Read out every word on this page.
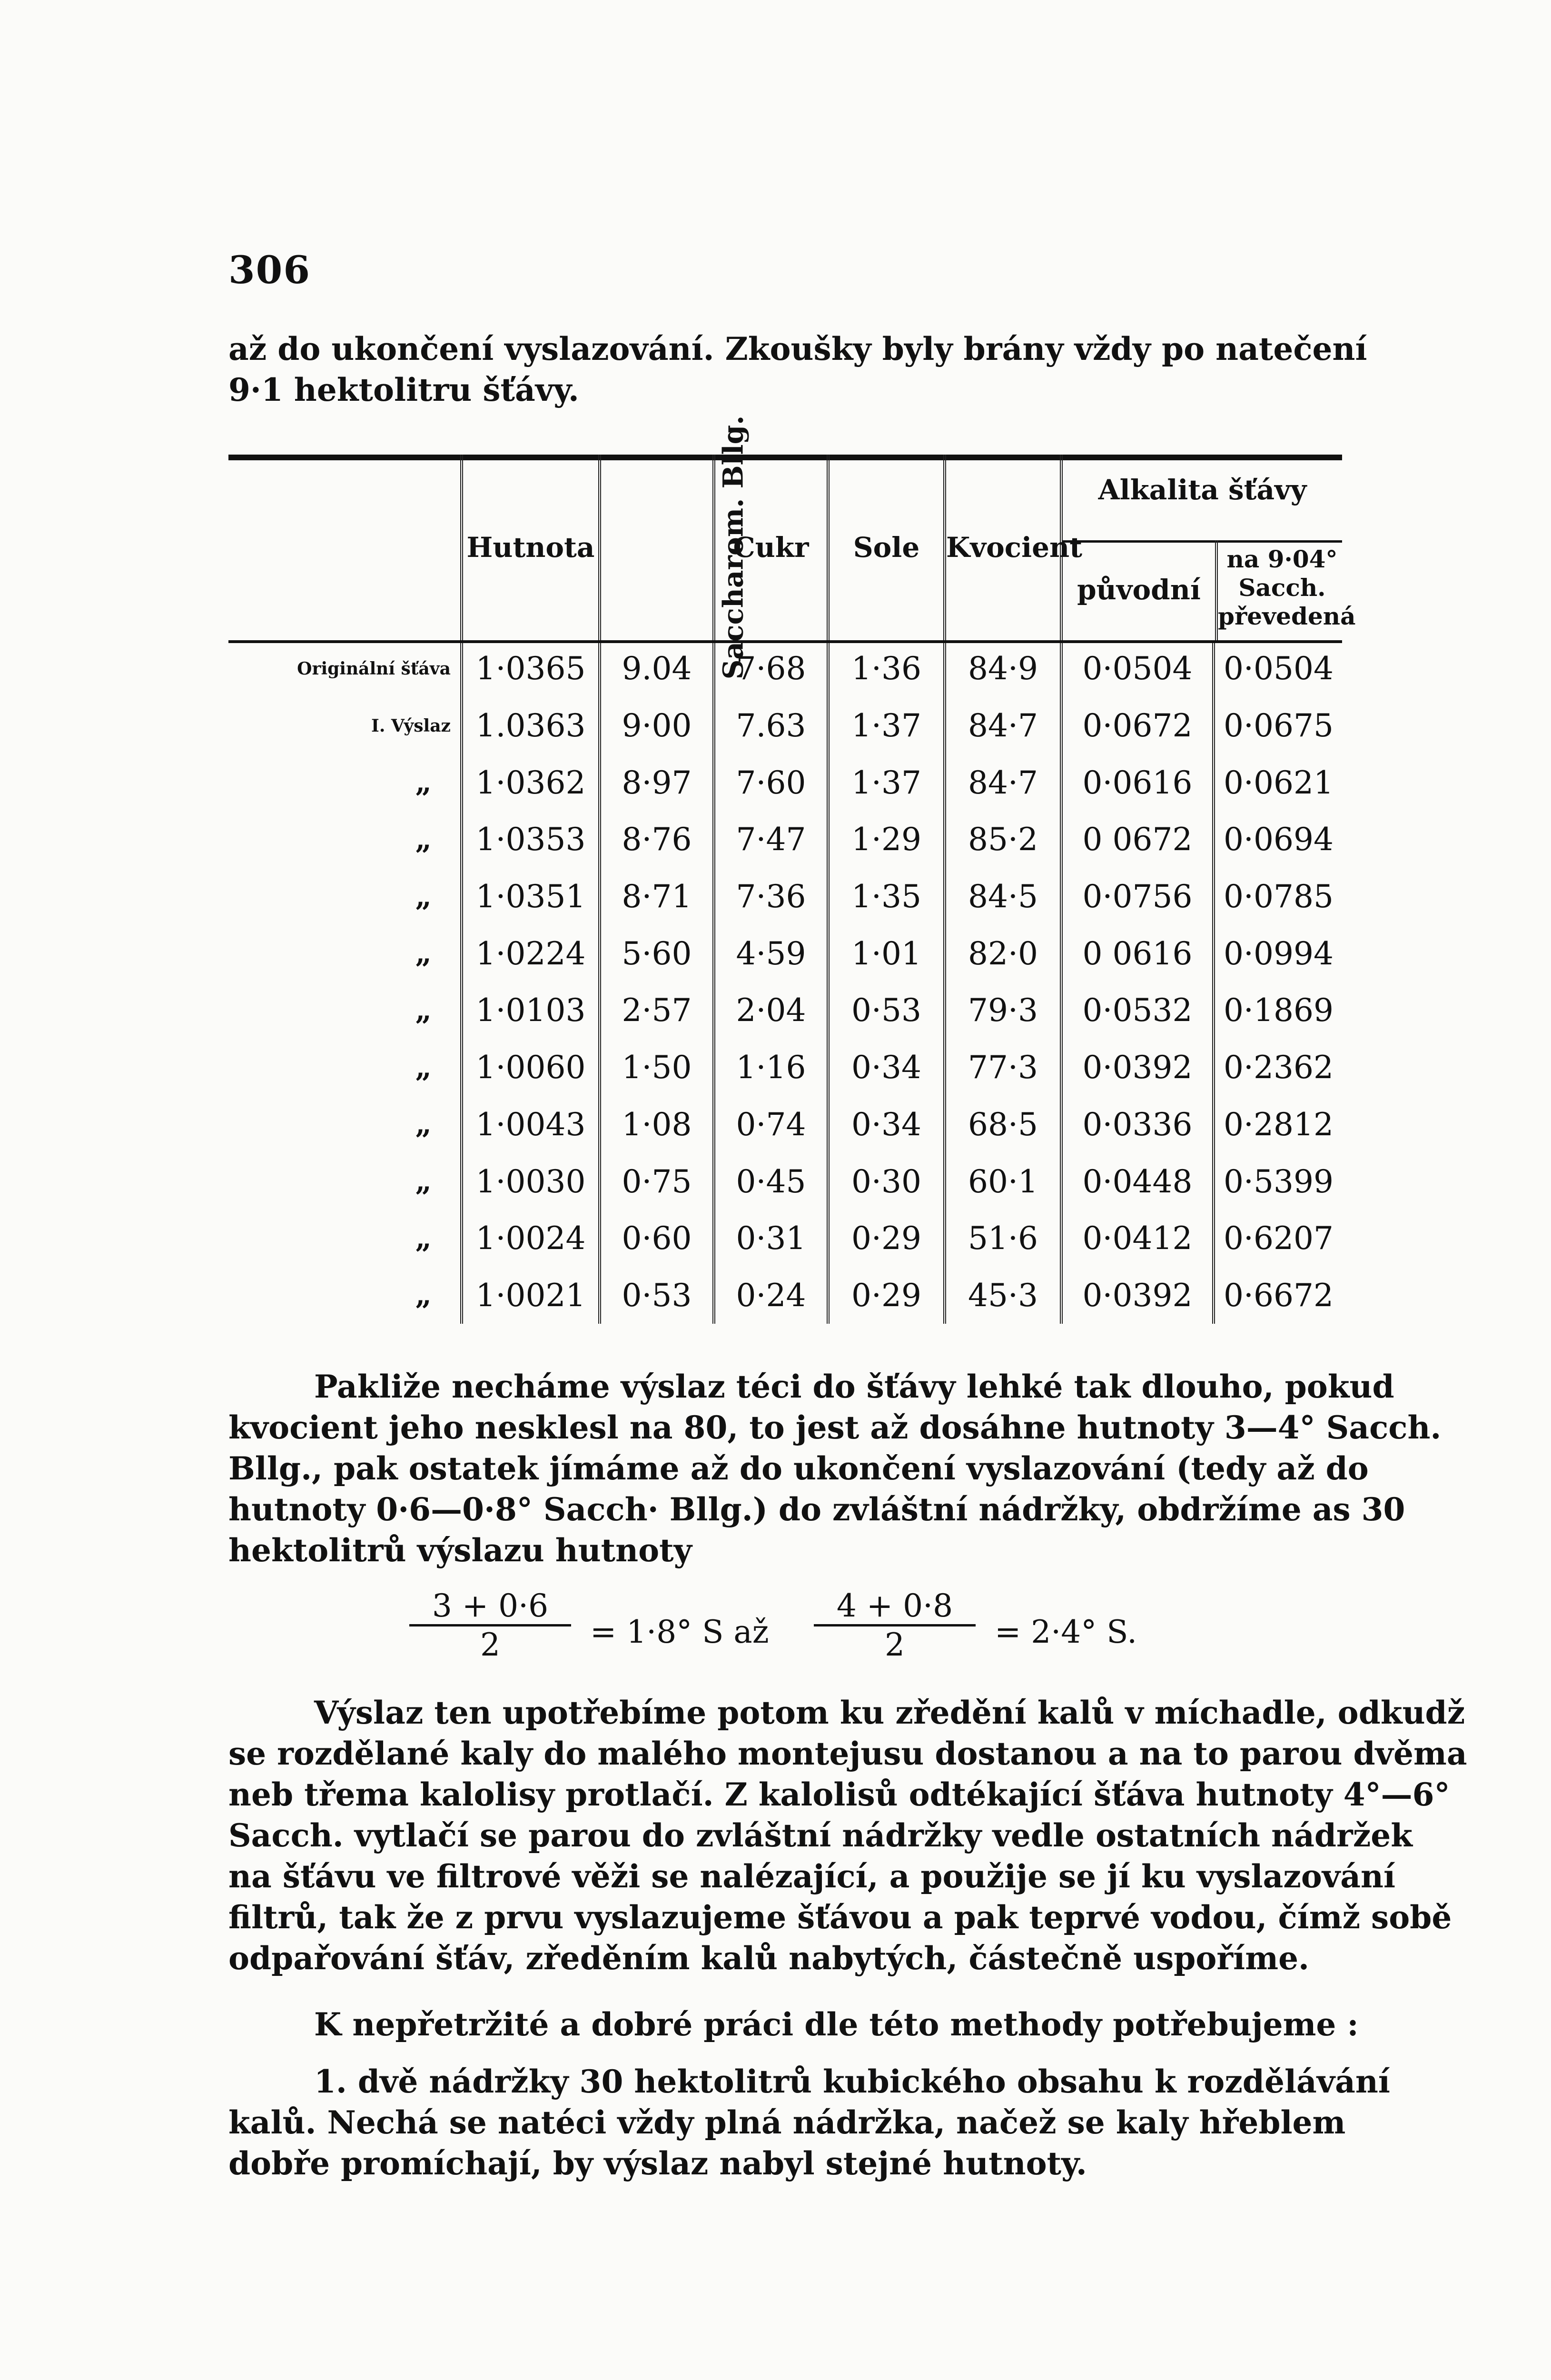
306
až do ukončení vyslazování. Zkoušky byly brány vždy po natečení
9·1 hektolitru šťávy.
	Hutnota	Saccharom. Bllg.	Cukr	Sole	Kvocient	Alkalita šťávy
původní
na 9·04° Sacch. převedená	

Originální šťáva	1·0365	9.04	7·68	1·36	84·9	0·0504	0·0504
I. Výslaz	1.0363	9·00	7.63	1·37	84·7	0·0672	0·0675
„	1·0362	8·97	7·60	1·37	84·7	0·0616	0·0621
„	1·0353	8·76	7·47	1·29	85·2	0 0672	0·0694
„	1·0351	8·71	7·36	1·35	84·5	0·0756	0·0785
„	1·0224	5·60	4·59	1·01	82·0	0 0616	0·0994
„	1·0103	2·57	2·04	0·53	79·3	0·0532	0·1869
„	1·0060	1·50	1·16	0·34	77·3	0·0392	0·2362
„	1·0043	1·08	0·74	0·34	68·5	0·0336	0·2812
„	1·0030	0·75	0·45	0·30	60·1	0·0448	0·5399
„	1·0024	0·60	0·31	0·29	51·6	0·0412	0·6207
„	1·0021	0·53	0·24	0·29	45·3	0·0392	0·6672
Pakliže necháme výslaz téci do šťávy lehké tak dlouho, pokud
kvocient jeho nesklesl na 80, to jest až dosáhne hutnoty 3—4° Sacch.
Bllg., pak ostatek jímáme až do ukončení vyslazování (tedy až do
hutnoty 0·6—0·8° Sacch· Bllg.) do zvláštní nádržky, obdržíme as 30
hektolitrů výslazu hutnoty
$\frac{3 + 0\cdot 6}{2} = 1\cdot 8^\circ$ S až $\frac{4 + 0\cdot 8}{2} = 2\cdot 4^\circ$ S.
Výslaz ten upotřebíme potom ku zředění kalů v míchadle, odkudž
se rozdělané kaly do malého montejusu dostanou a na to parou dvěma
neb třema kalolisy protlačí. Z kalolisů odtékající šťáva hutnoty 4°—6°
Sacch. vytlačí se parou do zvláštní nádržky vedle ostatních nádržek
na šťávu ve filtrové věži se nalézající, a použije se jí ku vyslazování
filtrů, tak že z prvu vyslazujeme šťávou a pak teprvé vodou, čímž sobě
odpařování šťáv, zředěním kalů nabytých, částečně uspoříme.
K nepřetržité a dobré práci dle této methody potřebujeme :
1. dvě nádržky 30 hektolitrů kubického obsahu k rozdělávání
kalů. Nechá se natéci vždy plná nádržka, načež se kaly hřeblem
dobře promíchají, by výslaz nabyl stejné hutnoty.
